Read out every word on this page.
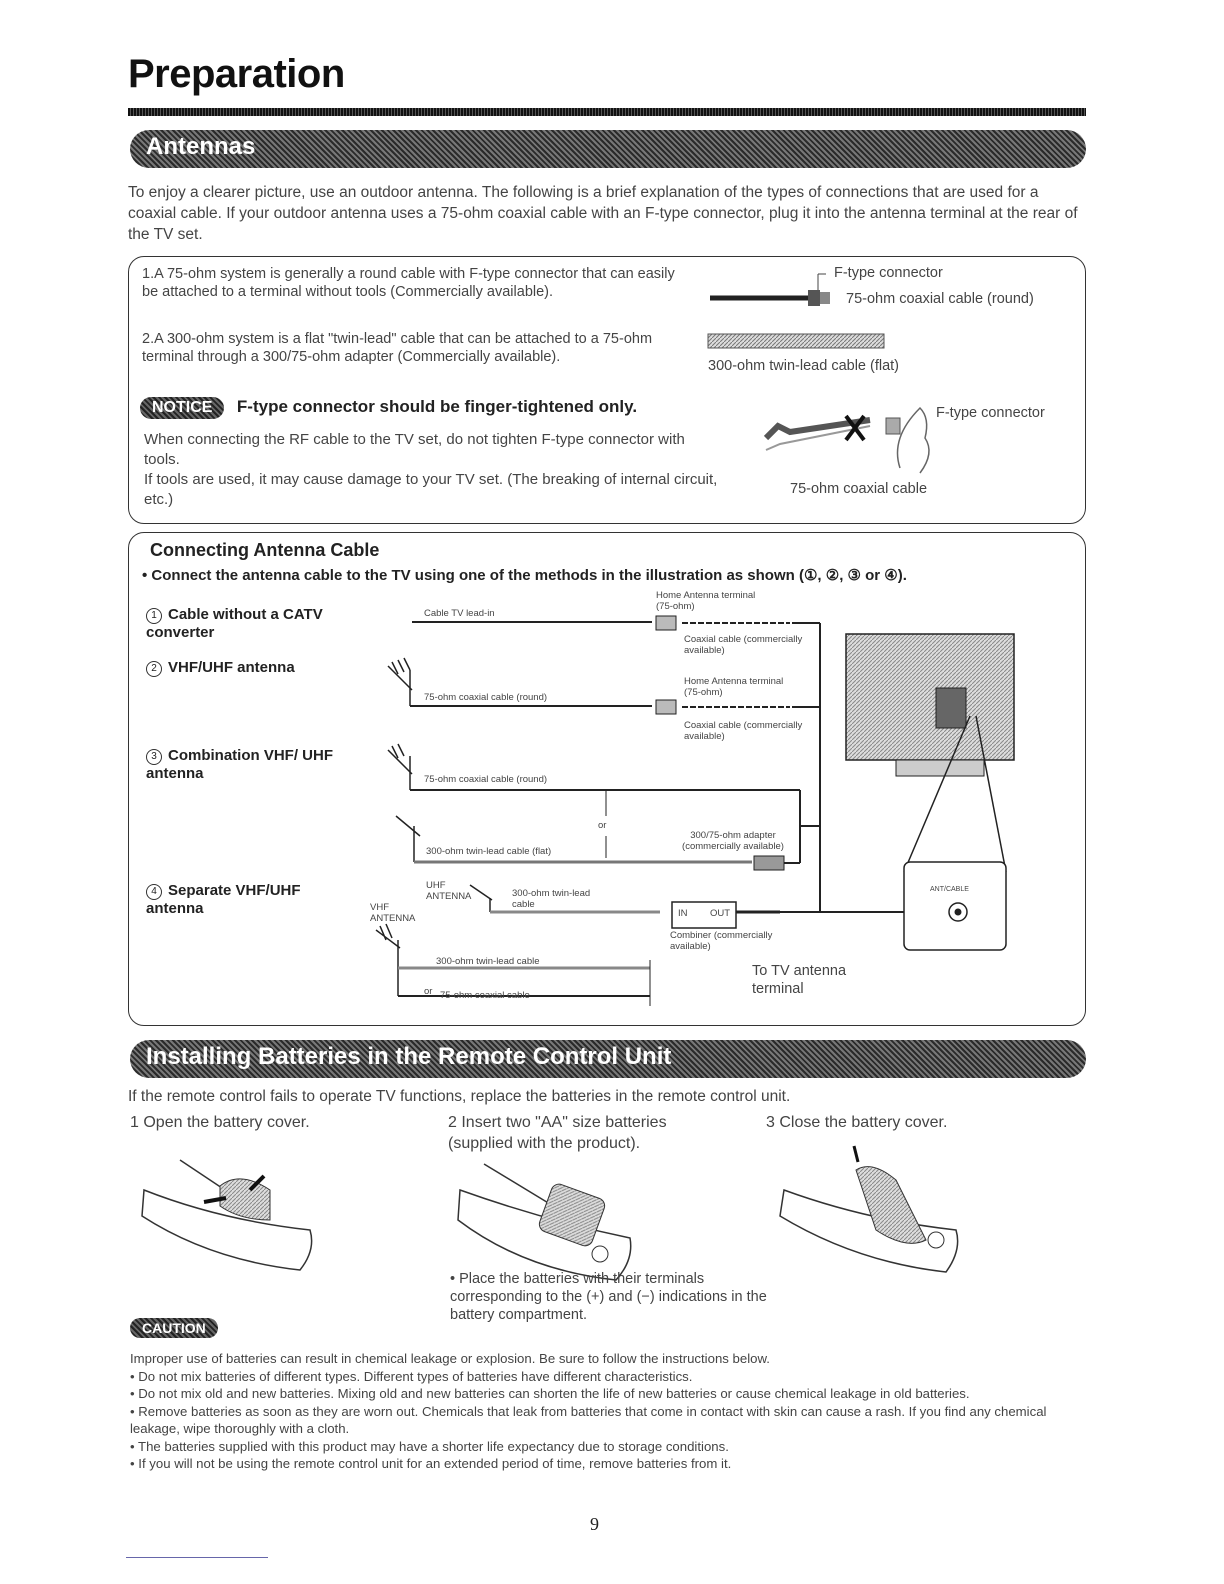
Preparation
Antennas
To enjoy a clearer picture, use an outdoor antenna. The following is a brief explanation of the types of connections that are used for a coaxial cable. If your outdoor antenna uses a 75-ohm coaxial cable with an F-type connector, plug it into the antenna terminal at the rear of the TV set.
1.A 75-ohm system is generally a round cable with F-type connector that can easily be attached to a terminal without tools (Commercially available).
2.A 300-ohm system is a flat "twin-lead" cable that can be attached to a 75-ohm terminal through a 300/75-ohm adapter (Commercially available).
F-type connector
75-ohm coaxial cable (round)
300-ohm twin-lead cable (flat)
NOTICE F-type connector should be finger-tightened only.
When connecting the RF cable to the TV set, do not tighten F-type connector with tools.
If tools are used, it may cause damage to your TV set. (The breaking of internal circuit, etc.)
F-type connector
75-ohm coaxial cable
Connecting Antenna Cable
• Connect the antenna cable to the TV using one of the methods in the illustration as shown (①, ②, ③ or ④).
1 Cable without a CATV converter
2 VHF/UHF antenna
3 Combination VHF/ UHF antenna
4 Separate VHF/UHF antenna
Cable TV lead-in
Home Antenna terminal (75-ohm)
Coaxial cable (commercially available)
75-ohm coaxial cable (round)
Home Antenna terminal (75-ohm)
Coaxial cable (commercially available)
75-ohm coaxial cable (round)
or
300-ohm twin-lead cable (flat)
300/75-ohm adapter (commercially available)
UHF ANTENNA	300-ohm twin-lead cable
VHF ANTENNA	IN OUT
Combiner (commercially available)
300-ohm twin-lead cable
or 75-ohm coaxial cable
ANT/CABLE
To TV antenna terminal
Installing Batteries in the Remote Control Unit
If the remote control fails to operate TV functions, replace the batteries in the remote control unit.
1 Open the battery cover.	2 Insert two "AA" size batteries (supplied with the product).
3 Close the battery cover.
• Place the batteries with their terminals corresponding to the (+) and (−) indications in the battery compartment.
CAUTION
Improper use of batteries can result in chemical leakage or explosion. Be sure to follow the instructions below.
• Do not mix batteries of different types. Different types of batteries have different characteristics.
• Do not mix old and new batteries. Mixing old and new batteries can shorten the life of new batteries or cause chemical leakage in old batteries.
• Remove batteries as soon as they are worn out. Chemicals that leak from batteries that come in contact with skin can cause a rash. If you find any chemical leakage, wipe thoroughly with a cloth.
• The batteries supplied with this product may have a shorter life expectancy due to storage conditions.
• If you will not be using the remote control unit for an extended period of time, remove batteries from it.
9
